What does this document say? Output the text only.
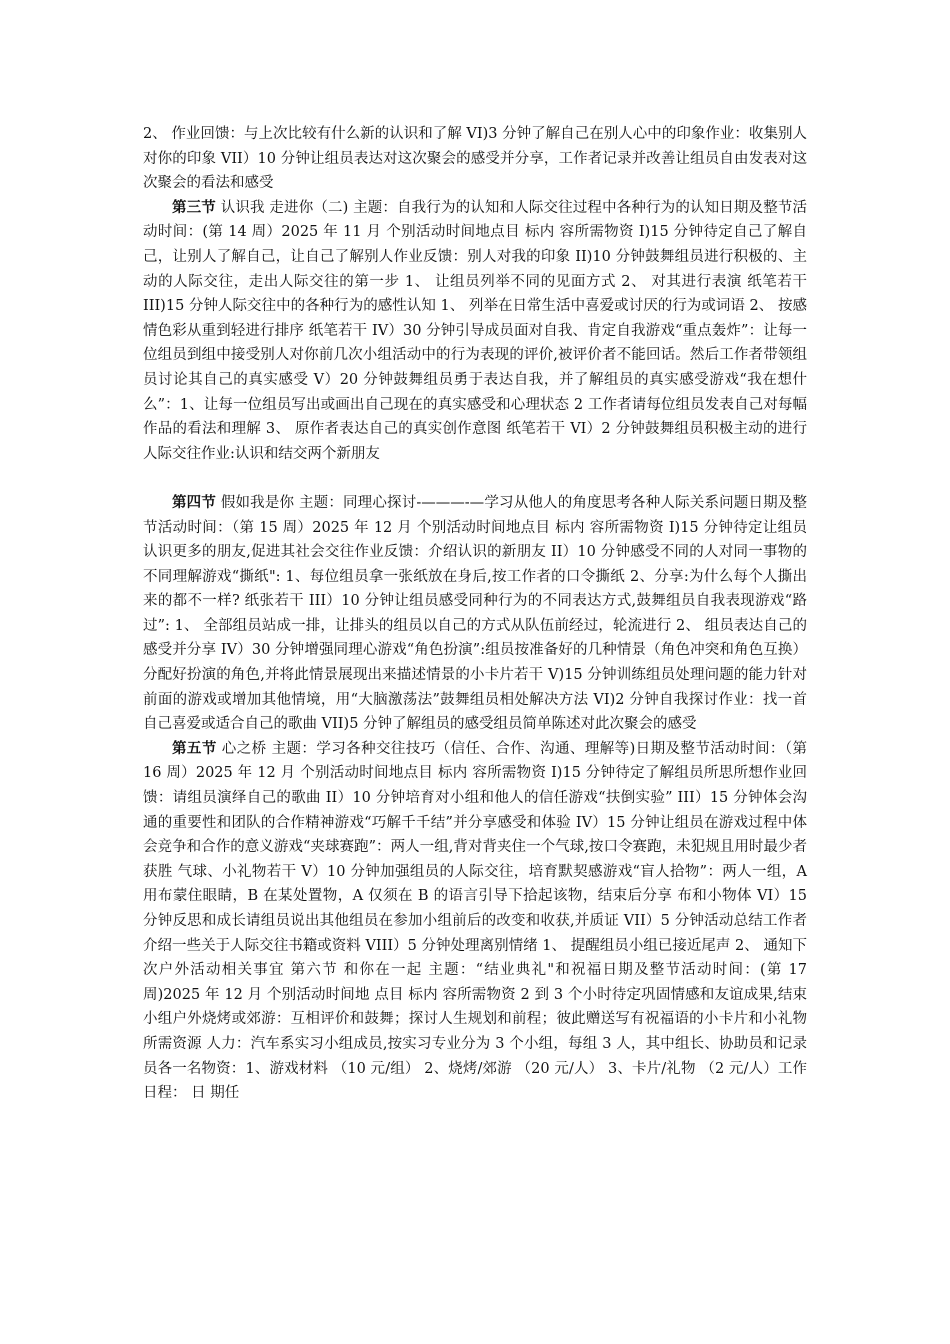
2、 作业回馈：与上次比较有什么新的认识和了解 VI)3 分钟了解自己在别人心中的印象作业：收集别人对你的印象 VII）10 分钟让组员表达对这次聚会的感受并分享，工作者记录并改善让组员自由发表对这次聚会的看法和感受

第三节 认识我 走进你（二) 主题：自我行为的认知和人际交往过程中各种行为的认知日期及整节活动时间：(第 14 周）2025 年 11 月 个别活动时间地点目 标内 容所需物资 I)15 分钟待定自己了解自己，让别人了解自己，让自己了解别人作业反馈：别人对我的印象 II)10 分钟鼓舞组员进行积极的、主动的人际交往，走出人际交往的第一步 1、 让组员列举不同的见面方式 2、 对其进行表演 纸笔若干 III)15 分钟人际交往中的各种行为的感性认知 1、 列举在日常生活中喜爱或讨厌的行为或词语 2、 按感情色彩从重到轻进行排序 纸笔若干 IV）30 分钟引导成员面对自我、肯定自我游戏“重点轰炸”：让每一位组员到组中接受别人对你前几次小组活动中的行为表现的评价,被评价者不能回话。然后工作者带领组员讨论其自己的真实感受 V）20 分钟鼓舞组员勇于表达自我，并了解组员的真实感受游戏“我在想什么”：1、让每一位组员写出或画出自己现在的真实感受和心理状态 2 工作者请每位组员发表自己对每幅作品的看法和理解 3、 原作者表达自己的真实创作意图 纸笔若干 VI）2 分钟鼓舞组员积极主动的进行人际交往作业:认识和结交两个新朋友

第四节 假如我是你 主题：同理心探讨-———-—学习从他人的角度思考各种人际关系问题日期及整节活动时间：（第 15 周）2025 年 12 月 个别活动时间地点目 标内 容所需物资 I)15 分钟待定让组员认识更多的朋友,促进其社会交往作业反馈：介绍认识的新朋友 II）10 分钟感受不同的人对同一事物的不同理解游戏“撕纸": 1、每位组员拿一张纸放在身后,按工作者的口令撕纸 2、分享:为什么每个人撕出来的都不一样? 纸张若干 III）10 分钟让组员感受同种行为的不同表达方式,鼓舞组员自我表现游戏“路过”: 1、 全部组员站成一排，让排头的组员以自己的方式从队伍前经过，轮流进行 2、 组员表达自己的感受并分享 IV）30 分钟增强同理心游戏“角色扮演”:组员按准备好的几种情景（角色冲突和角色互换）分配好扮演的角色,并将此情景展现出来描述情景的小卡片若干 V)15 分钟训练组员处理问题的能力针对前面的游戏或增加其他情境，用“大脑激荡法”鼓舞组员相处解决方法 VI)2 分钟自我探讨作业：找一首自己喜爱或适合自己的歌曲 VII)5 分钟了解组员的感受组员简单陈述对此次聚会的感受

第五节 心之桥 主题：学习各种交往技巧（信任、合作、沟通、理解等)日期及整节活动时间：（第 16 周）2025 年 12 月 个别活动时间地点目 标内 容所需物资 I)15 分钟待定了解组员所思所想作业回馈：请组员演绎自己的歌曲 II）10 分钟培育对小组和他人的信任游戏“扶倒实验” III）15 分钟体会沟通的重要性和团队的合作精神游戏“巧解千千结”并分享感受和体验 IV）15 分钟让组员在游戏过程中体会竞争和合作的意义游戏“夹球赛跑”：两人一组,背对背夹住一个气球,按口令赛跑，未犯规且用时最少者获胜 气球、小礼物若干 V）10 分钟加强组员的人际交往，培育默契感游戏“盲人拾物”：两人一组，A 用布蒙住眼睛，B 在某处置物，A 仅须在 B 的语言引导下拾起该物，结束后分享 布和小物体 VI）15 分钟反思和成长请组员说出其他组员在参加小组前后的改变和收获,并质证 VII）5 分钟活动总结工作者介绍一些关于人际交往书籍或资料 VIII）5 分钟处理离别情绪 1、 提醒组员小组已接近尾声 2、 通知下次户外活动相关事宜 第六节 和你在一起 主题：“结业典礼"和祝福日期及整节活动时间：(第 17 周)2025 年 12 月 个别活动时间地 点目 标内 容所需物资 2 到 3 个小时待定巩固情感和友谊成果,结束小组户外烧烤或郊游：互相评价和鼓舞；探讨人生规划和前程；彼此赠送写有祝福语的小卡片和小礼物 所需资源 人力：汽车系实习小组成员,按实习专业分为 3 个小组，每组 3 人，其中组长、协助员和记录员各一名物资：1、游戏材料 （10 元/组） 2、烧烤/郊游 （20 元/人） 3、卡片/礼物 （2 元/人）工作日程： 日 期任
